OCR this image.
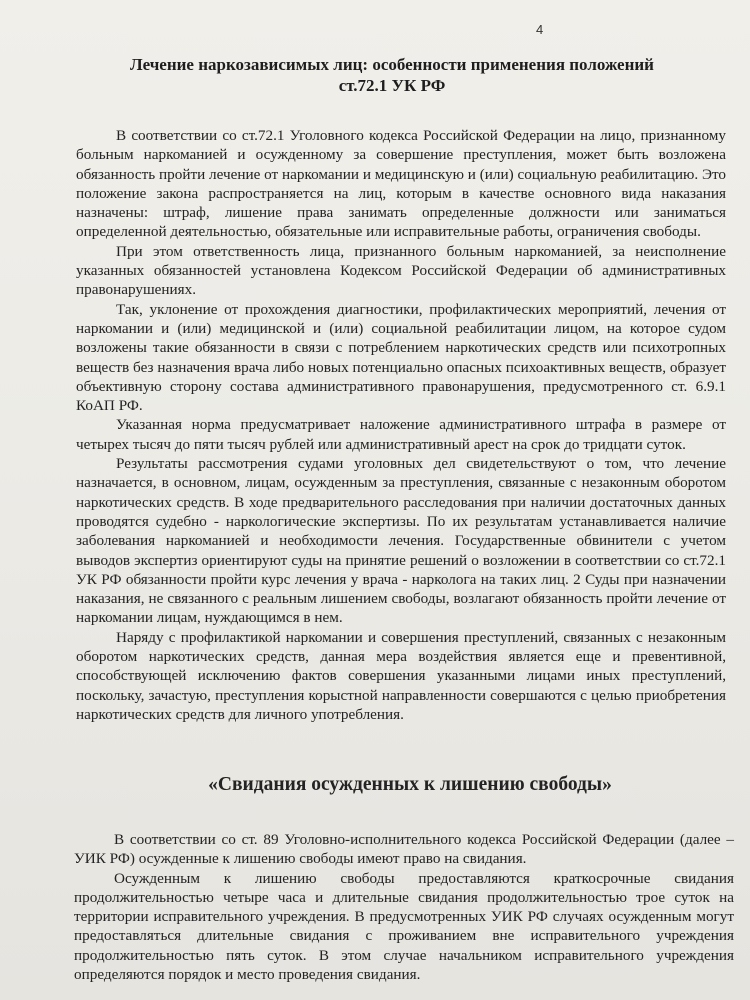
4
Лечение наркозависимых лиц: особенности применения положений
ст.72.1 УК РФ

В соответствии со ст.72.1 Уголовного кодекса Российской Федерации на лицо, признанному больным наркоманией и осужденному за совершение преступления, может быть возложена обязанность пройти лечение от наркомании и медицинскую и (или) социальную реабилитацию. Это положение закона распространяется на лиц, которым в качестве основного вида наказания назначены: штраф, лишение права занимать определенные должности или заниматься определенной деятельностью, обязательные или исправительные работы, ограничения свободы.

При этом ответственность лица, признанного больным наркоманией, за неисполнение указанных обязанностей установлена Кодексом Российской Федерации об административных правонарушениях.

Так, уклонение от прохождения диагностики, профилактических мероприятий, лечения от наркомании и (или) медицинской и (или) социальной реабилитации лицом, на которое судом возложены такие обязанности в связи с потреблением наркотических средств или психотропных веществ без назначения врача либо новых потенциально опасных психоактивных веществ, образует объективную сторону состава административного правонарушения, предусмотренного ст. 6.9.1 КоАП РФ.

Указанная норма предусматривает наложение административного штрафа в размере от четырех тысяч до пяти тысяч рублей или административный арест на срок до тридцати суток.

Результаты рассмотрения судами уголовных дел свидетельствуют о том, что лечение назначается, в основном, лицам, осужденным за преступления, связанные с незаконным оборотом наркотических средств. В ходе предварительного расследования при наличии достаточных данных проводятся судебно - наркологические экспертизы. По их результатам устанавливается наличие заболевания наркоманией и необходимости лечения. Государственные обвинители с учетом выводов экспертиз ориентируют суды на принятие решений о возложении в соответствии со ст.72.1 УК РФ обязанности пройти курс лечения у врача - нарколога на таких лиц. 2 Суды при назначении наказания, не связанного с реальным лишением свободы, возлагают обязанность пройти лечение от наркомании лицам, нуждающимся в нем.

Наряду с профилактикой наркомании и совершения преступлений, связанных с незаконным оборотом наркотических средств, данная мера воздействия является еще и превентивной, способствующей исключению фактов совершения указанными лицами иных преступлений, поскольку, зачастую, преступления корыстной направленности совершаются с целью приобретения наркотических средств для личного употребления.

«Свидания осужденных к лишению свободы»

В соответствии со ст. 89 Уголовно-исполнительного кодекса Российской Федерации (далее – УИК РФ) осужденные к лишению свободы имеют право на свидания.

Осужденным к лишению свободы предоставляются краткосрочные свидания продолжительностью четыре часа и длительные свидания продолжительностью трое суток на территории исправительного учреждения. В предусмотренных УИК РФ случаях осужденным могут предоставляться длительные свидания с проживанием вне исправительного учреждения продолжительностью пять суток. В этом случае начальником исправительного учреждения определяются порядок и место проведения свидания.
